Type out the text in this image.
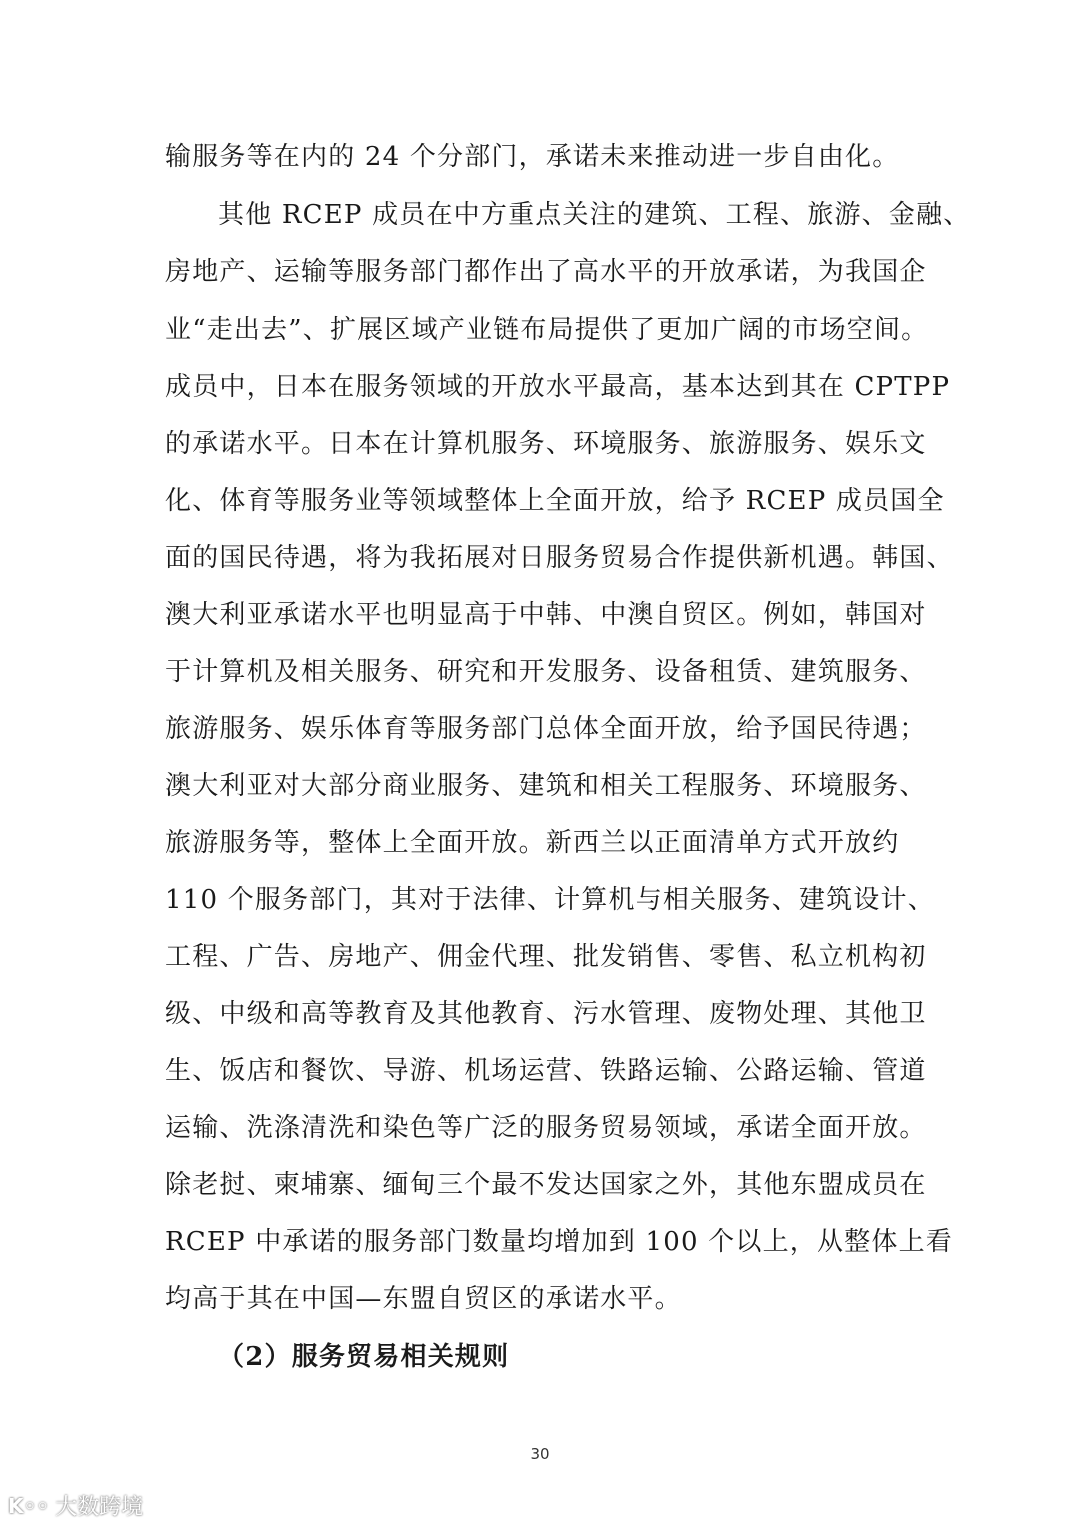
输服务等在内的 24 个分部门，承诺未来推动进一步自由化。
其他 RCEP 成员在中方重点关注的建筑、工程、旅游、金融、
房地产、运输等服务部门都作出了高水平的开放承诺，为我国企
业“走出去”、扩展区域产业链布局提供了更加广阔的市场空间。
成员中，日本在服务领域的开放水平最高，基本达到其在 CPTPP
的承诺水平。日本在计算机服务、环境服务、旅游服务、娱乐文
化、体育等服务业等领域整体上全面开放，给予 RCEP 成员国全
面的国民待遇，将为我拓展对日服务贸易合作提供新机遇。韩国、
澳大利亚承诺水平也明显高于中韩、中澳自贸区。例如，韩国对
于计算机及相关服务、研究和开发服务、设备租赁、建筑服务、
旅游服务、娱乐体育等服务部门总体全面开放，给予国民待遇；
澳大利亚对大部分商业服务、建筑和相关工程服务、环境服务、
旅游服务等，整体上全面开放。新西兰以正面清单方式开放约
110 个服务部门，其对于法律、计算机与相关服务、建筑设计、
工程、广告、房地产、佣金代理、批发销售、零售、私立机构初
级、中级和高等教育及其他教育、污水管理、废物处理、其他卫
生、饭店和餐饮、导游、机场运营、铁路运输、公路运输、管道
运输、洗涤清洗和染色等广泛的服务贸易领域，承诺全面开放。
除老挝、柬埔寨、缅甸三个最不发达国家之外，其他东盟成员在
RCEP 中承诺的服务部门数量均增加到 100 个以上，从整体上看
均高于其在中国—东盟自贸区的承诺水平。
（2）服务贸易相关规则
30
K◦◦ 大数跨境
